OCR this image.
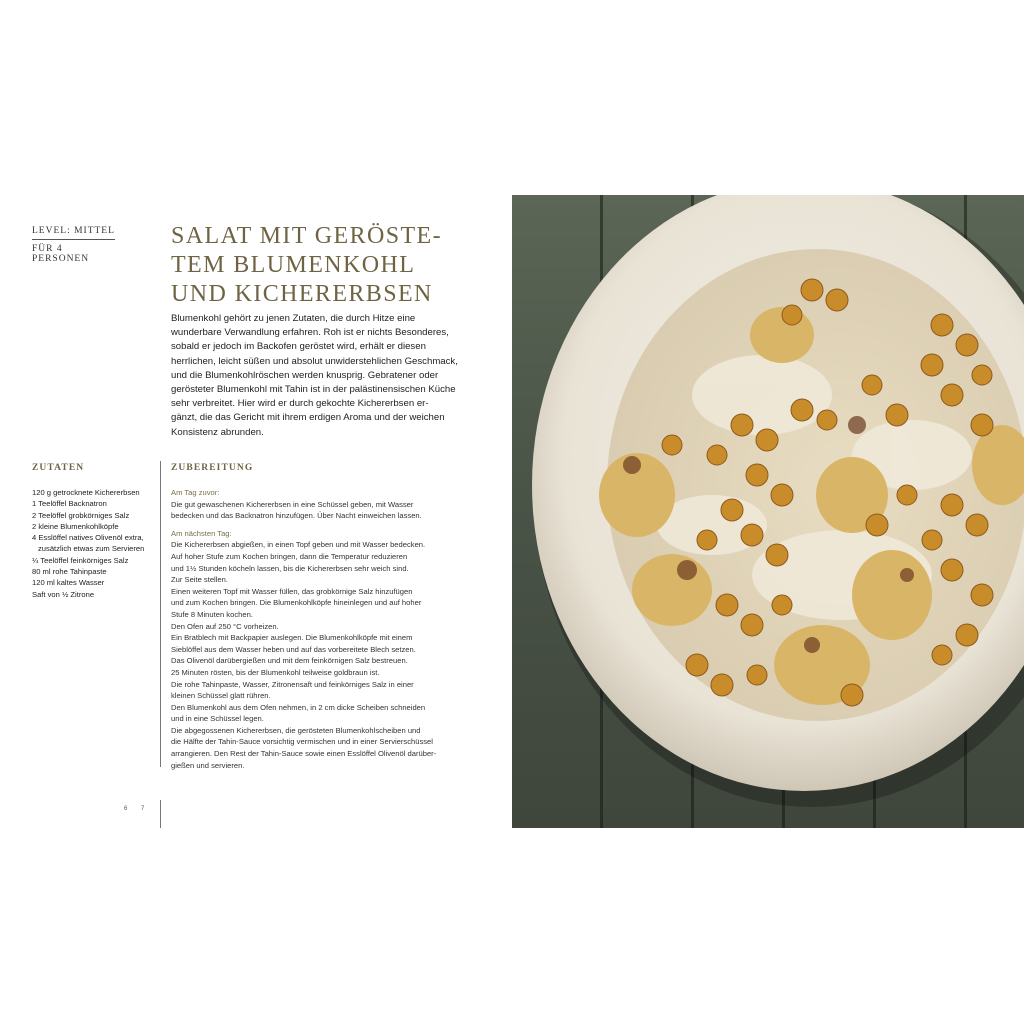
LEVEL: MITTEL
FÜR 4 PERSONEN
SALAT MIT GERÖSTE-
TEM BLUMENKOHL
UND KICHERERBSEN
Blumenkohl gehört zu jenen Zutaten, die durch Hitze eine
wunderbare Verwandlung erfahren. Roh ist er nichts Besonderes,
sobald er jedoch im Backofen geröstet wird, erhält er diesen
herrlichen, leicht süßen und absolut unwiderstehlichen Geschmack,
und die Blumenkohlröschen werden knusprig. Gebratener oder
gerösteter Blumenkohl mit Tahin ist in der palästinensischen Küche
sehr verbreitet. Hier wird er durch gekochte Kichererbsen er-
gänzt, die das Gericht mit ihrem erdigen Aroma und der weichen
Konsistenz abrunden.
ZUTATEN	ZUBEREITUNG
120 g getrocknete Kichererbsen
1 Teelöffel Backnatron
2 Teelöffel grobkörniges Salz
2 kleine Blumenkohlköpfe
4 Esslöffel natives Olivenöl extra,
zusätzlich etwas zum Servieren
¼ Teelöffel feinkörniges Salz
80 ml rohe Tahinpaste
120 ml kaltes Wasser
Saft von ½ Zitrone
Am Tag zuvor:
Die gut gewaschenen Kichererbsen in eine Schüssel geben, mit Wasser
bedecken und das Backnatron hinzufügen. Über Nacht einweichen lassen.
Am nächsten Tag:
Die Kichererbsen abgießen, in einen Topf geben und mit Wasser bedecken.
Auf hoher Stufe zum Kochen bringen, dann die Temperatur reduzieren
und 1½ Stunden köcheln lassen, bis die Kichererbsen sehr weich sind.
Zur Seite stellen.
Einen weiteren Topf mit Wasser füllen, das grobkörnige Salz hinzufügen
und zum Kochen bringen. Die Blumenkohlköpfe hineinlegen und auf hoher
Stufe 8 Minuten kochen.
Den Ofen auf 250 °C vorheizen.
Ein Bratblech mit Backpapier auslegen. Die Blumenkohlköpfe mit einem
Sieblöffel aus dem Wasser heben und auf das vorbereitete Blech setzen.
Das Olivenöl darübergießen und mit dem feinkörnigen Salz bestreuen.
25 Minuten rösten, bis der Blumenkohl teilweise goldbraun ist.
Die rohe Tahinpaste, Wasser, Zitronensaft und feinkörniges Salz in einer
kleinen Schüssel glatt rühren.
Den Blumenkohl aus dem Ofen nehmen, in 2 cm dicke Scheiben schneiden
und in eine Schüssel legen.
Die abgegossenen Kichererbsen, die gerösteten Blumenkohlscheiben und
die Hälfte der Tahin-Sauce vorsichtig vermischen und in einer Servierschüssel
arrangieren. Den Rest der Tahin-Sauce sowie einen Esslöffel Olivenöl darüber-
gießen und servieren.
6 7
